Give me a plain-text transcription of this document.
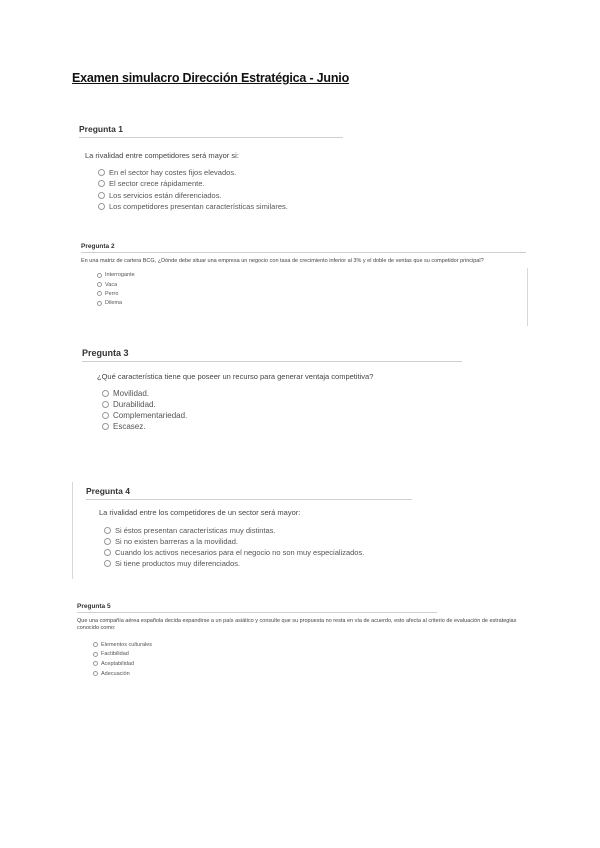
Examen simulacro Dirección Estratégica - Junio
Pregunta 1
La rivalidad entre competidores será mayor si:
En el sector hay costes fijos elevados.
El sector crece rápidamente.
Los servicios están diferenciados.
Los competidores presentan características similares.
Pregunta 2
En una matriz de cartera BCG, ¿Dónde debe situar una empresa un negocio con tasa de crecimiento inferior al 3% y el doble de ventas que su competidor principal?
Interrogante
Vaca
Perro
Dilema
Pregunta 3
¿Qué característica tiene que poseer un recurso para generar ventaja competitiva?
Movilidad.
Durabilidad.
Complementariedad.
Escasez.
Pregunta 4
La rivalidad entre los competidores de un sector será mayor:
Si éstos presentan características muy distintas.
Si no existen barreras a la movilidad.
Cuando los activos necesarios para el negocio no son muy especializados.
Si tiene productos muy diferenciados.
Pregunta 5
Que una compañía aérea española decida expandirse a un país asiático y consulte que su propuesta no resta en vía de acuerdo, esto afecta al criterio de evaluación de estrategias conocido como:
Elementos culturales
Factibilidad
Aceptabilidad
Adecuación
